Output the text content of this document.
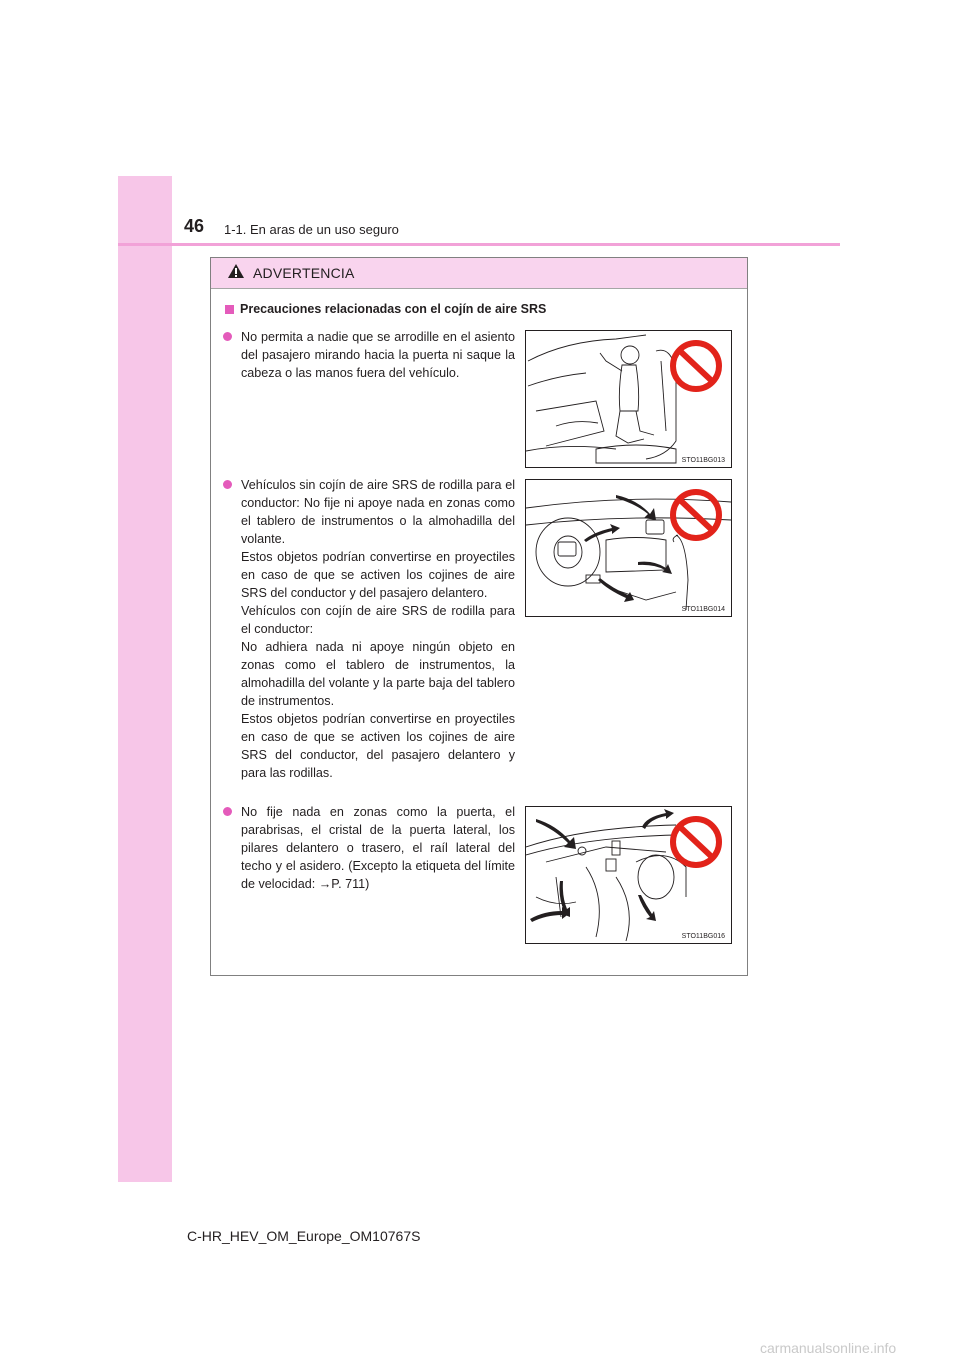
46 1-1. En aras de un uso seguro
ADVERTENCIA
Precauciones relacionadas con el cojín de aire SRS
No permita a nadie que se arrodille en el asiento del pasajero mirando hacia la puerta ni saque la cabeza o las manos fuera del vehículo.
STO11BG013
Vehículos sin cojín de aire SRS de rodilla para el conductor: No fije ni apoye nada en zonas como el tablero de instrumentos o la almohadilla del volante.
Estos objetos podrían convertirse en proyectiles en caso de que se activen los cojines de aire SRS del conductor y del pasajero delantero.
Vehículos con cojín de aire SRS de rodilla para el conductor:
No adhiera nada ni apoye ningún objeto en zonas como el tablero de instrumentos, la almohadilla del volante y la parte baja del tablero de instrumentos.
Estos objetos podrían convertirse en proyectiles en caso de que se activen los cojines de aire SRS del conductor, del pasajero delantero y para las rodillas.
STO11BG014
No fije nada en zonas como la puerta, el parabrisas, el cristal de la puerta lateral, los pilares delantero o trasero, el raíl lateral del techo y el asidero. (Excepto la etiqueta del límite de velocidad: →P. 711)
STO11BG016
C-HR_HEV_OM_Europe_OM10767S
carmanualsonline.info
